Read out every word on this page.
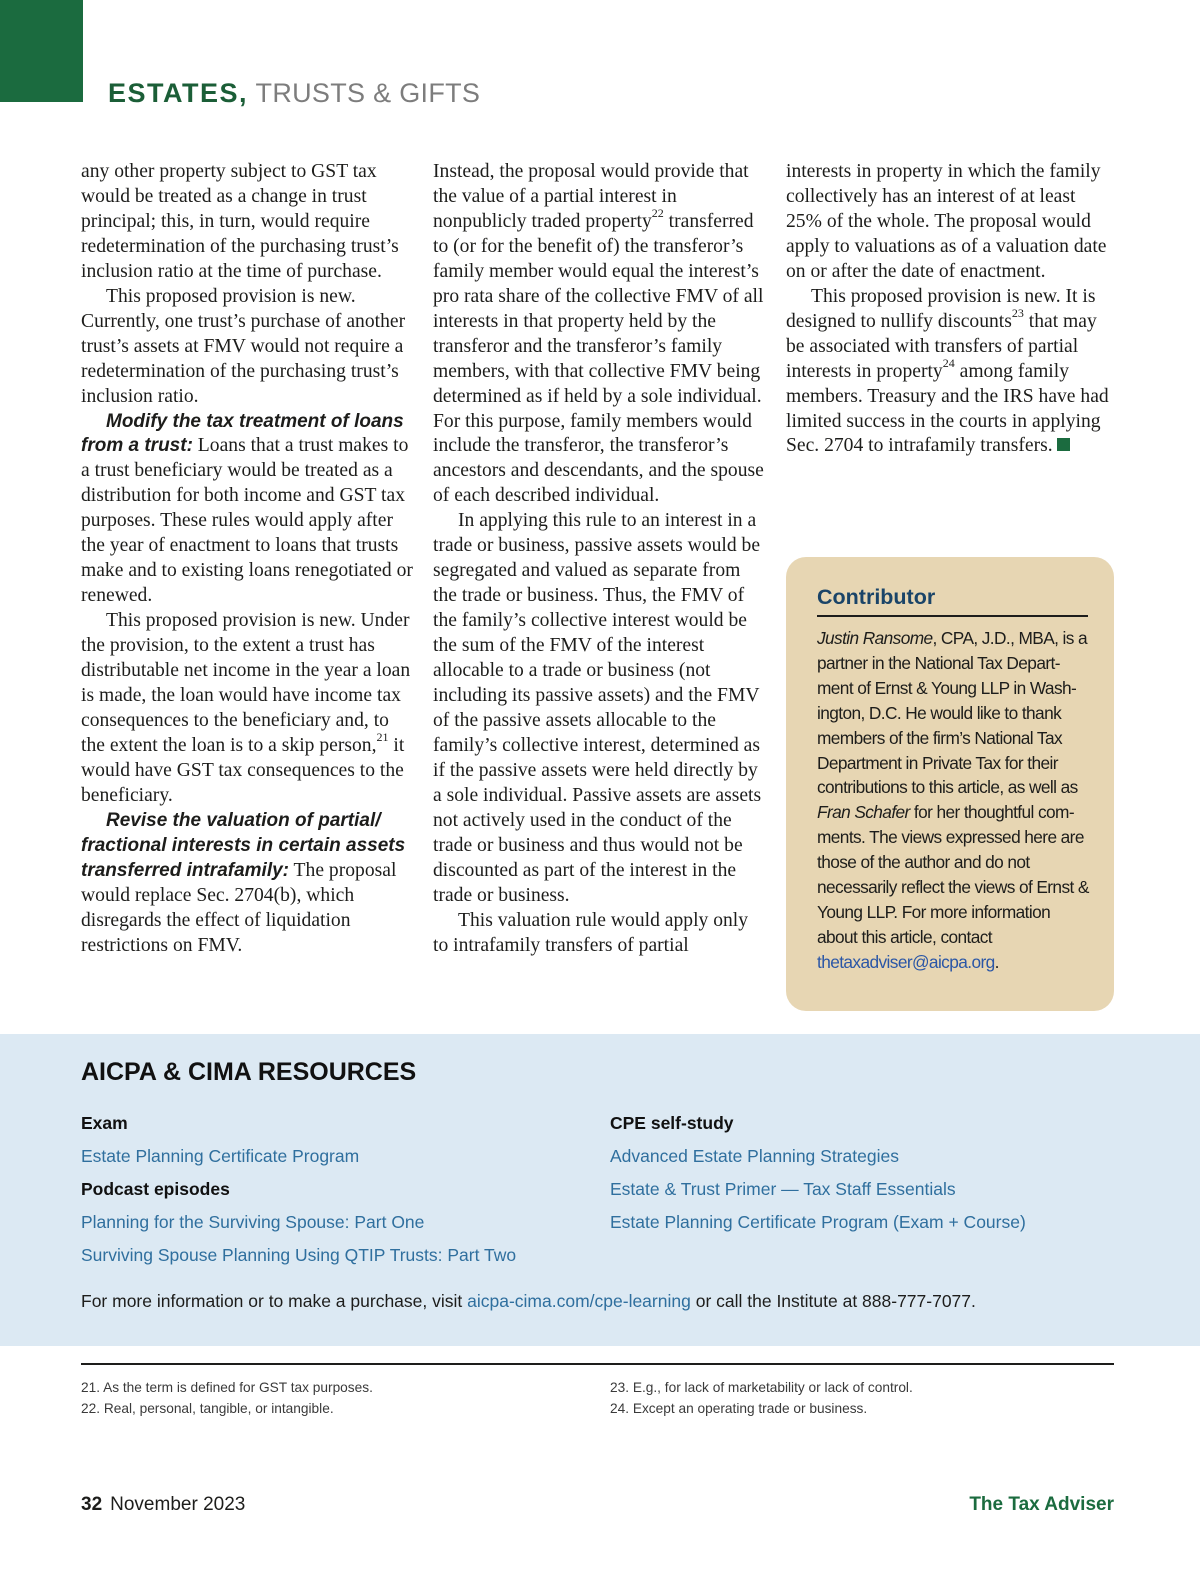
ESTATES, TRUSTS & GIFTS

any other property subject to GST tax would be treated as a change in trust principal; this, in turn, would require redetermination of the purchasing trust’s inclusion ratio at the time of purchase.

This proposed provision is new. Currently, one trust’s purchase of another trust’s assets at FMV would not require a redetermination of the purchasing trust’s inclusion ratio.

Modify the tax treatment of loans from a trust: Loans that a trust makes to a trust beneficiary would be treated as a distribution for both income and GST tax purposes. These rules would apply after the year of enactment to loans that trusts make and to existing loans renegotiated or renewed.

This proposed provision is new. Under the provision, to the extent a trust has distributable net income in the year a loan is made, the loan would have income tax consequences to the beneficiary and, to the extent the loan is to a skip person,$^{21}$ it would have GST tax consequences to the beneficiary.

Revise the valuation of partial/ fractional interests in certain assets transferred intrafamily: The proposal would replace Sec. 2704(b), which disregards the effect of liquidation restrictions on FMV.

Instead, the proposal would provide that the value of a partial interest in nonpublicly traded property$^{22}$ transferred to (or for the benefit of) the transferor’s family member would equal the interest’s pro rata share of the collective FMV of all interests in that property held by the transferor and the transferor’s family members, with that collective FMV being determined as if held by a sole individual. For this purpose, family members would include the transferor, the transferor’s ancestors and descendants, and the spouse of each described individual.

In applying this rule to an interest in a trade or business, passive assets would be segregated and valued as separate from the trade or business. Thus, the FMV of the family’s collective interest would be the sum of the FMV of the interest allocable to a trade or business (not including its passive assets) and the FMV of the passive assets allocable to the family’s collective interest, determined as if the passive assets were held directly by a sole individual. Passive assets are assets not actively used in the conduct of the trade or business and thus would not be discounted as part of the interest in the trade or business.

This valuation rule would apply only to intrafamily transfers of partial

interests in property in which the family collectively has an interest of at least 25% of the whole. The proposal would apply to valuations as of a valuation date on or after the date of enactment.

This proposed provision is new. It is designed to nullify discounts$^{23}$ that may be associated with transfers of partial interests in property$^{24}$ among family members. Treasury and the IRS have had limited success in the courts in applying Sec. 2704 to intrafamily transfers.

Contributor
Justin Ransome, CPA, J.D., MBA, is a partner in the National Tax Department of Ernst & Young LLP in Washington, D.C. He would like to thank members of the firm’s National Tax Department in Private Tax for their contributions to this article, as well as Fran Schafer for her thoughtful comments. The views expressed here are those of the author and do not necessarily reflect the views of Ernst & Young LLP. For more information about this article, contact thetaxadviser@aicpa.org.
AICPA & CIMA RESOURCES
Exam
Estate Planning Certificate Program
Podcast episodes
Planning for the Surviving Spouse: Part One
Surviving Spouse Planning Using QTIP Trusts: Part Two
CPE self-study
Advanced Estate Planning Strategies
Estate & Trust Primer — Tax Staff Essentials
Estate Planning Certificate Program (Exam + Course)
For more information or to make a purchase, visit aicpa-cima.com/cpe-learning or call the Institute at 888-777-7077.
21. As the term is defined for GST tax purposes.
22. Real, personal, tangible, or intangible.
23. E.g., for lack of marketability or lack of control.
24. Except an operating trade or business.
32 November 2023	The Tax Adviser
